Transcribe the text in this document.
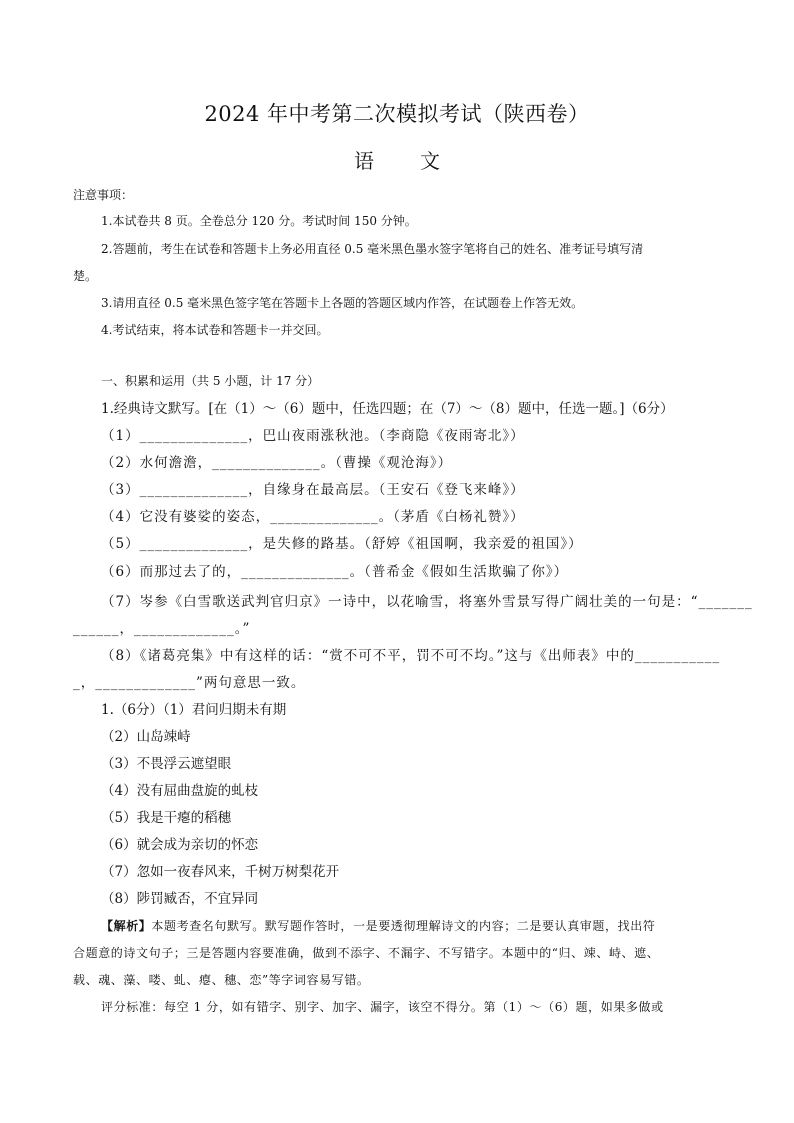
2024 年中考第二次模拟考试（陕西卷）
语 文
注意事项：
1.本试卷共 8 页。全卷总分 120 分。考试时间 150 分钟。
2.答题前，考生在试卷和答题卡上务必用直径 0.5 毫米黑色墨水签字笔将自己的姓名、准考证号填写清
楚。
3.请用直径 0.5 毫米黑色签字笔在答题卡上各题的答题区域内作答，在试题卷上作答无效。
4.考试结束，将本试卷和答题卡一并交回。
一、积累和运用（共 5 小题，计 17 分）
1.经典诗文默写。[在（1）～（6）题中，任选四题；在（7）～（8）题中，任选一题。]（6分）
（1）______________，巴山夜雨涨秋池。（李商隐《夜雨寄北》）
（2）水何澹澹，______________。（曹操《观沧海》）
（3）______________，自缘身在最高层。（王安石《登飞来峰》）
（4）它没有婆娑的姿态，______________。（茅盾《白杨礼赞》）
（5）______________，是失修的路基。（舒婷《祖国啊，我亲爱的祖国》）
（6）而那过去了的，______________。（普希金《假如生活欺骗了你》）
（7）岑参《白雪歌送武判官归京》一诗中，以花喻雪，将塞外雪景写得广阔壮美的一句是：“_______
______，_____________。”
（8）《诸葛亮集》中有这样的话：“赏不可不平，罚不可不均。”这与《出师表》中的___________
_，_____________”两句意思一致。
1.（6分）（1）君问归期未有期
（2）山岛竦峙
（3）不畏浮云遮望眼
（4）没有屈曲盘旋的虬枝
（5）我是干瘪的稻穗
（6）就会成为亲切的怀恋
（7）忽如一夜春风来，千树万树梨花开
（8）陟罚臧否，不宜异同
【解析】本题考查名句默写。默写题作答时，一是要透彻理解诗文的内容；二是要认真审题，找出符
合题意的诗文句子；三是答题内容要准确，做到不添字、不漏字、不写错字。本题中的“归、竦、峙、遮、
载、魂、藻、喽、虬、瘪、穗、恋”等字词容易写错。
评分标准：每空 1 分，如有错字、别字、加字、漏字，该空不得分。第（1）～（6）题，如果多做或
